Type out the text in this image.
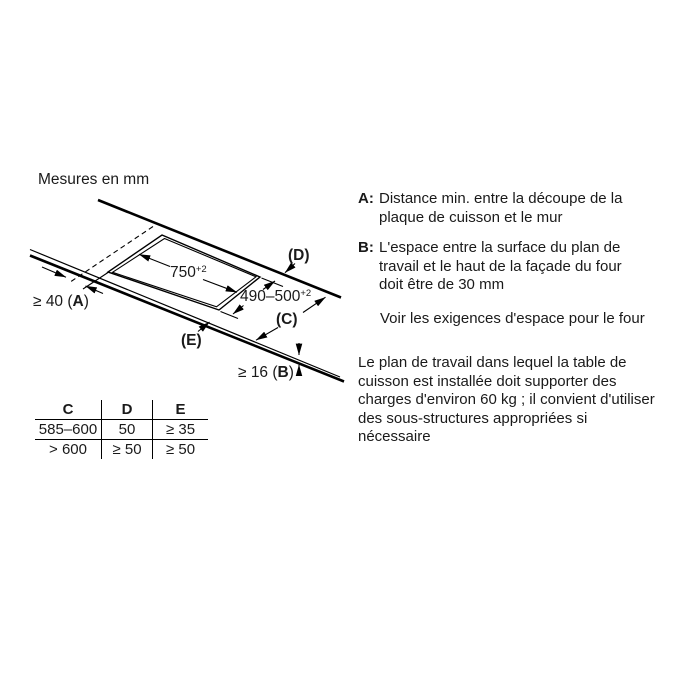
Mesures en mm
$750^{+2}$
$490-500^{+2}$
≥ 40 (A)
≥ 16 (B)
(C)
(D)
(E)
A: Distance min. entre la découpe de la
plaque de cuisson et le mur
B: L'espace entre la surface du plan de
travail et le haut de la façade du four
doit être de 30 mm
Voir les exigences d'espace pour le four
Le plan de travail dans lequel la table de
cuisson est installée doit supporter des
charges d'environ 60 kg ; il convient d'utiliser
des sous-structures appropriées si
nécessaire
C	D	E
585–600	50	≥ 35
> 600	≥ 50	≥ 50
